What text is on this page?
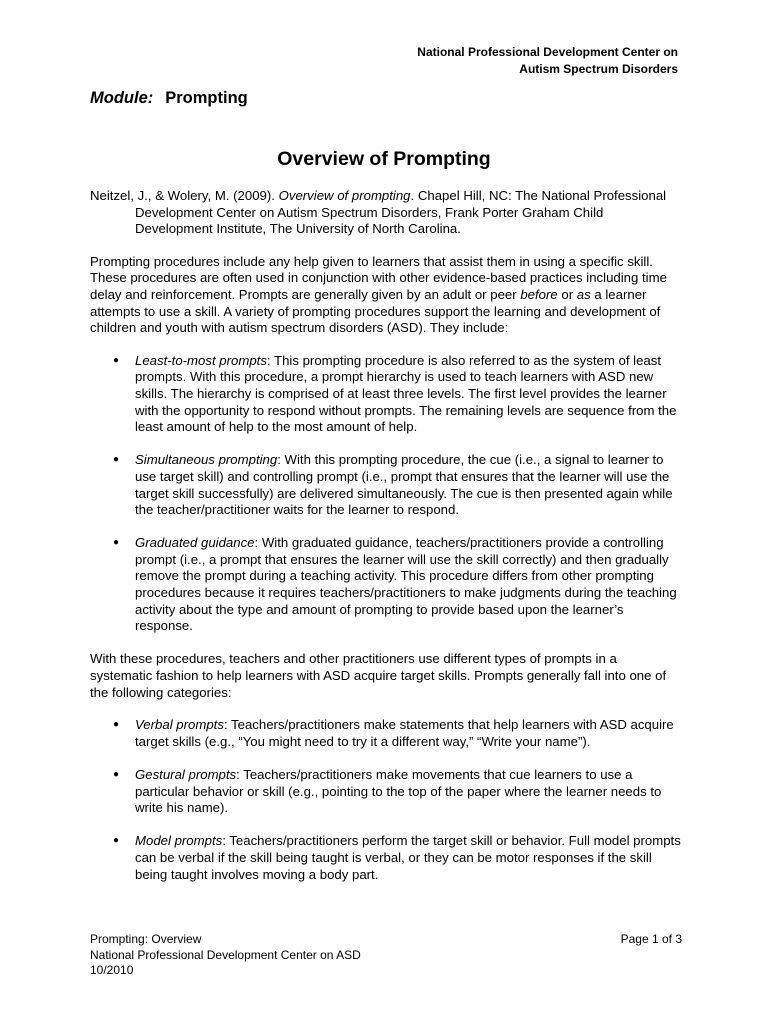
National Professional Development Center on
Autism Spectrum Disorders
Module: Prompting
Overview of Prompting

Neitzel, J., & Wolery, M. (2009). Overview of prompting. Chapel Hill, NC: The National Professional Development Center on Autism Spectrum Disorders, Frank Porter Graham Child Development Institute, The University of North Carolina.

Prompting procedures include any help given to learners that assist them in using a specific skill. These procedures are often used in conjunction with other evidence-based practices including time delay and reinforcement. Prompts are generally given by an adult or peer before or as a learner attempts to use a skill. A variety of prompting procedures support the learning and development of children and youth with autism spectrum disorders (ASD). They include:

● Least-to-most prompts: This prompting procedure is also referred to as the system of least prompts. With this procedure, a prompt hierarchy is used to teach learners with ASD new skills. The hierarchy is comprised of at least three levels. The first level provides the learner with the opportunity to respond without prompts. The remaining levels are sequence from the least amount of help to the most amount of help.
● Simultaneous prompting: With this prompting procedure, the cue (i.e., a signal to learner to use target skill) and controlling prompt (i.e., prompt that ensures that the learner will use the target skill successfully) are delivered simultaneously. The cue is then presented again while the teacher/practitioner waits for the learner to respond.
● Graduated guidance: With graduated guidance, teachers/practitioners provide a controlling prompt (i.e., a prompt that ensures the learner will use the skill correctly) and then gradually remove the prompt during a teaching activity. This procedure differs from other prompting procedures because it requires teachers/practitioners to make judgments during the teaching activity about the type and amount of prompting to provide based upon the learner’s response.

With these procedures, teachers and other practitioners use different types of prompts in a systematic fashion to help learners with ASD acquire target skills. Prompts generally fall into one of the following categories:

● Verbal prompts: Teachers/practitioners make statements that help learners with ASD acquire target skills (e.g., “You might need to try it a different way,” “Write your name”).
● Gestural prompts: Teachers/practitioners make movements that cue learners to use a particular behavior or skill (e.g., pointing to the top of the paper where the learner needs to write his name).
● Model prompts: Teachers/practitioners perform the target skill or behavior. Full model prompts can be verbal if the skill being taught is verbal, or they can be motor responses if the skill being taught involves moving a body part.
Prompting: Overview
National Professional Development Center on ASD
10/2010
Page 1 of 3
